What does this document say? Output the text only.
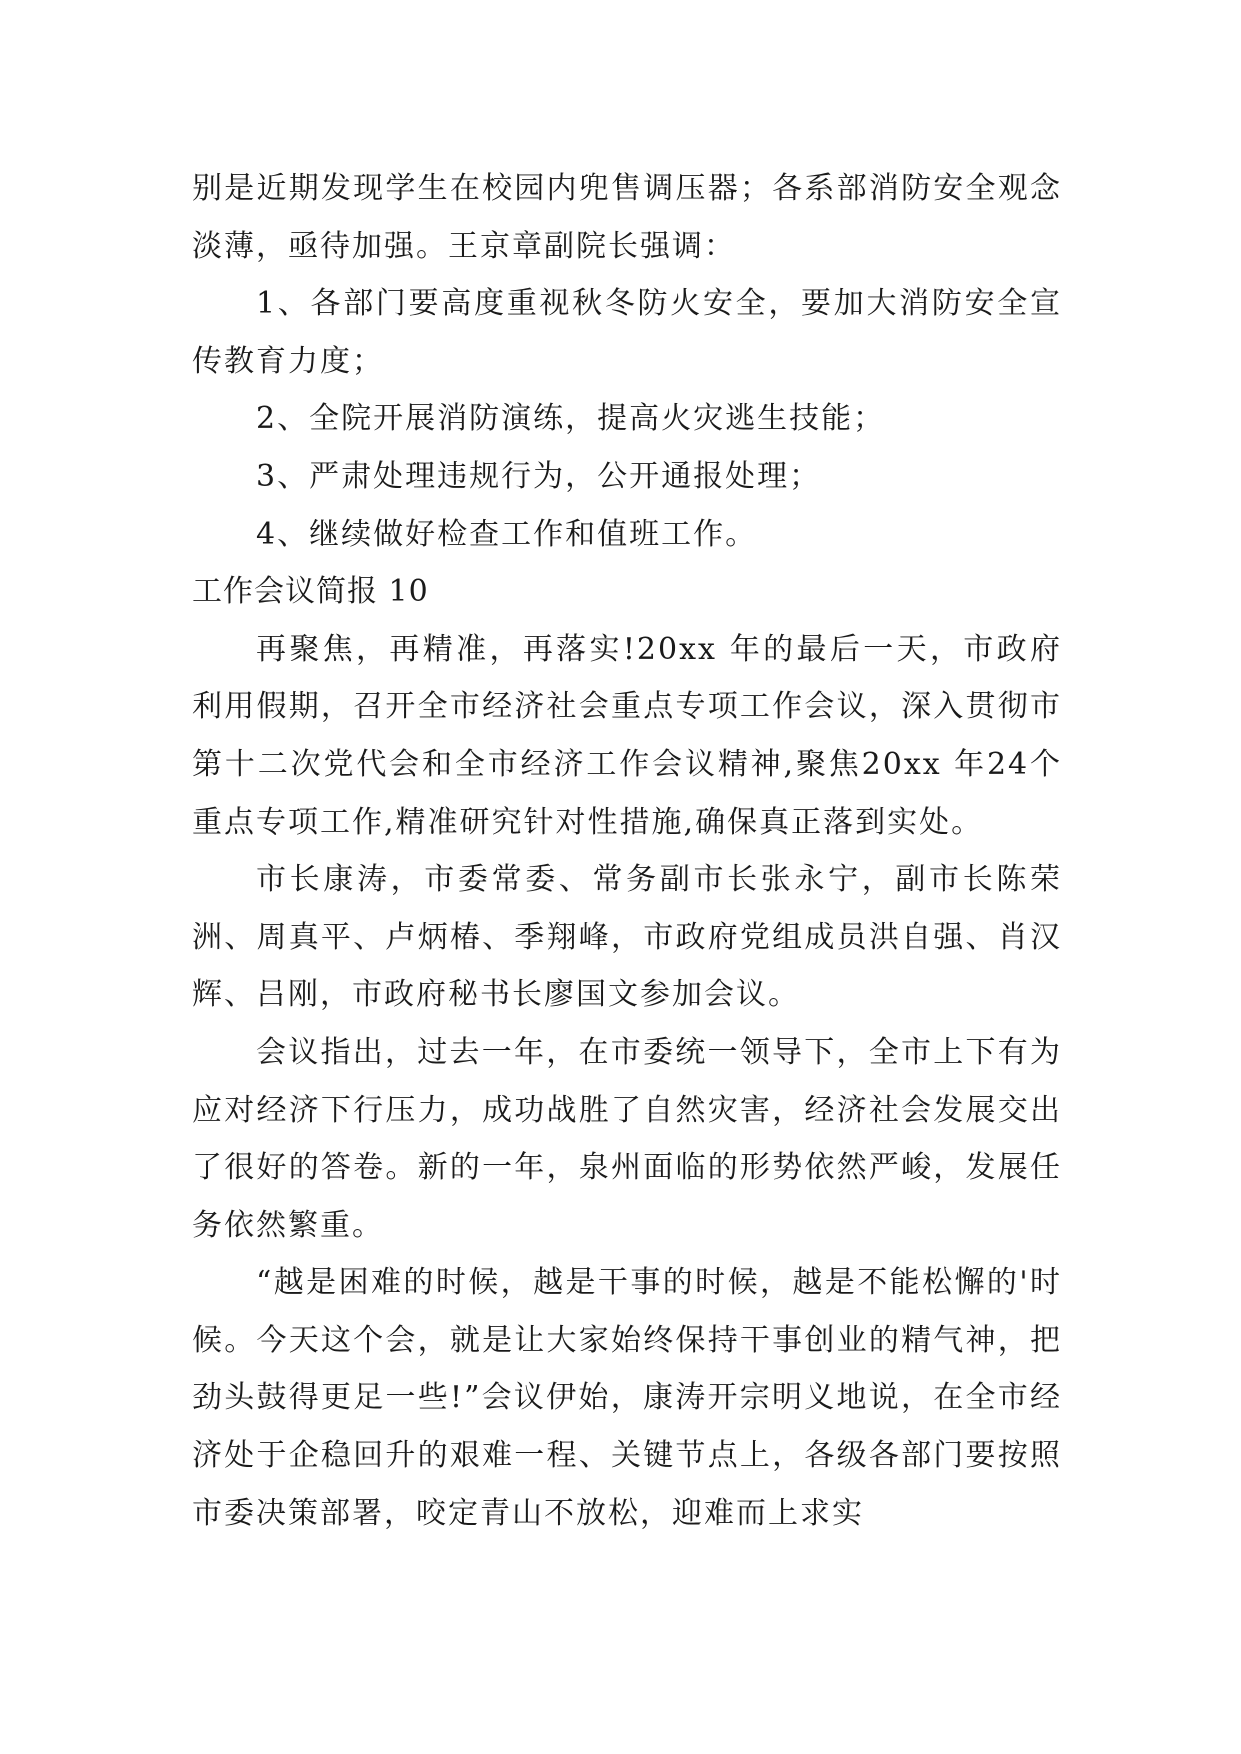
别是近期发现学生在校园内兜售调压器；各系部消防安全观念淡薄，亟待加强。王京章副院长强调：

1、各部门要高度重视秋冬防火安全，要加大消防安全宣传教育力度；

2、全院开展消防演练，提高火灾逃生技能；

3、严肃处理违规行为，公开通报处理；

4、继续做好检查工作和值班工作。

工作会议简报 10

再聚焦，再精准，再落实!20xx 年的最后一天，市政府利用假期，召开全市经济社会重点专项工作会议，深入贯彻市第十二次党代会和全市经济工作会议精神,聚焦20xx 年24个重点专项工作,精准研究针对性措施,确保真正落到实处。

市长康涛，市委常委、常务副市长张永宁，副市长陈荣洲、周真平、卢炳椿、季翔峰，市政府党组成员洪自强、肖汉辉、吕刚，市政府秘书长廖国文参加会议。

会议指出，过去一年，在市委统一领导下，全市上下有为应对经济下行压力，成功战胜了自然灾害，经济社会发展交出了很好的答卷。新的一年，泉州面临的形势依然严峻，发展任务依然繁重。

“越是困难的时候，越是干事的时候，越是不能松懈的'时候。今天这个会，就是让大家始终保持干事创业的精气神，把劲头鼓得更足一些!”会议伊始，康涛开宗明义地说，在全市经济处于企稳回升的艰难一程、关键节点上，各级各部门要按照市委决策部署，咬定青山不放松，迎难而上求实
